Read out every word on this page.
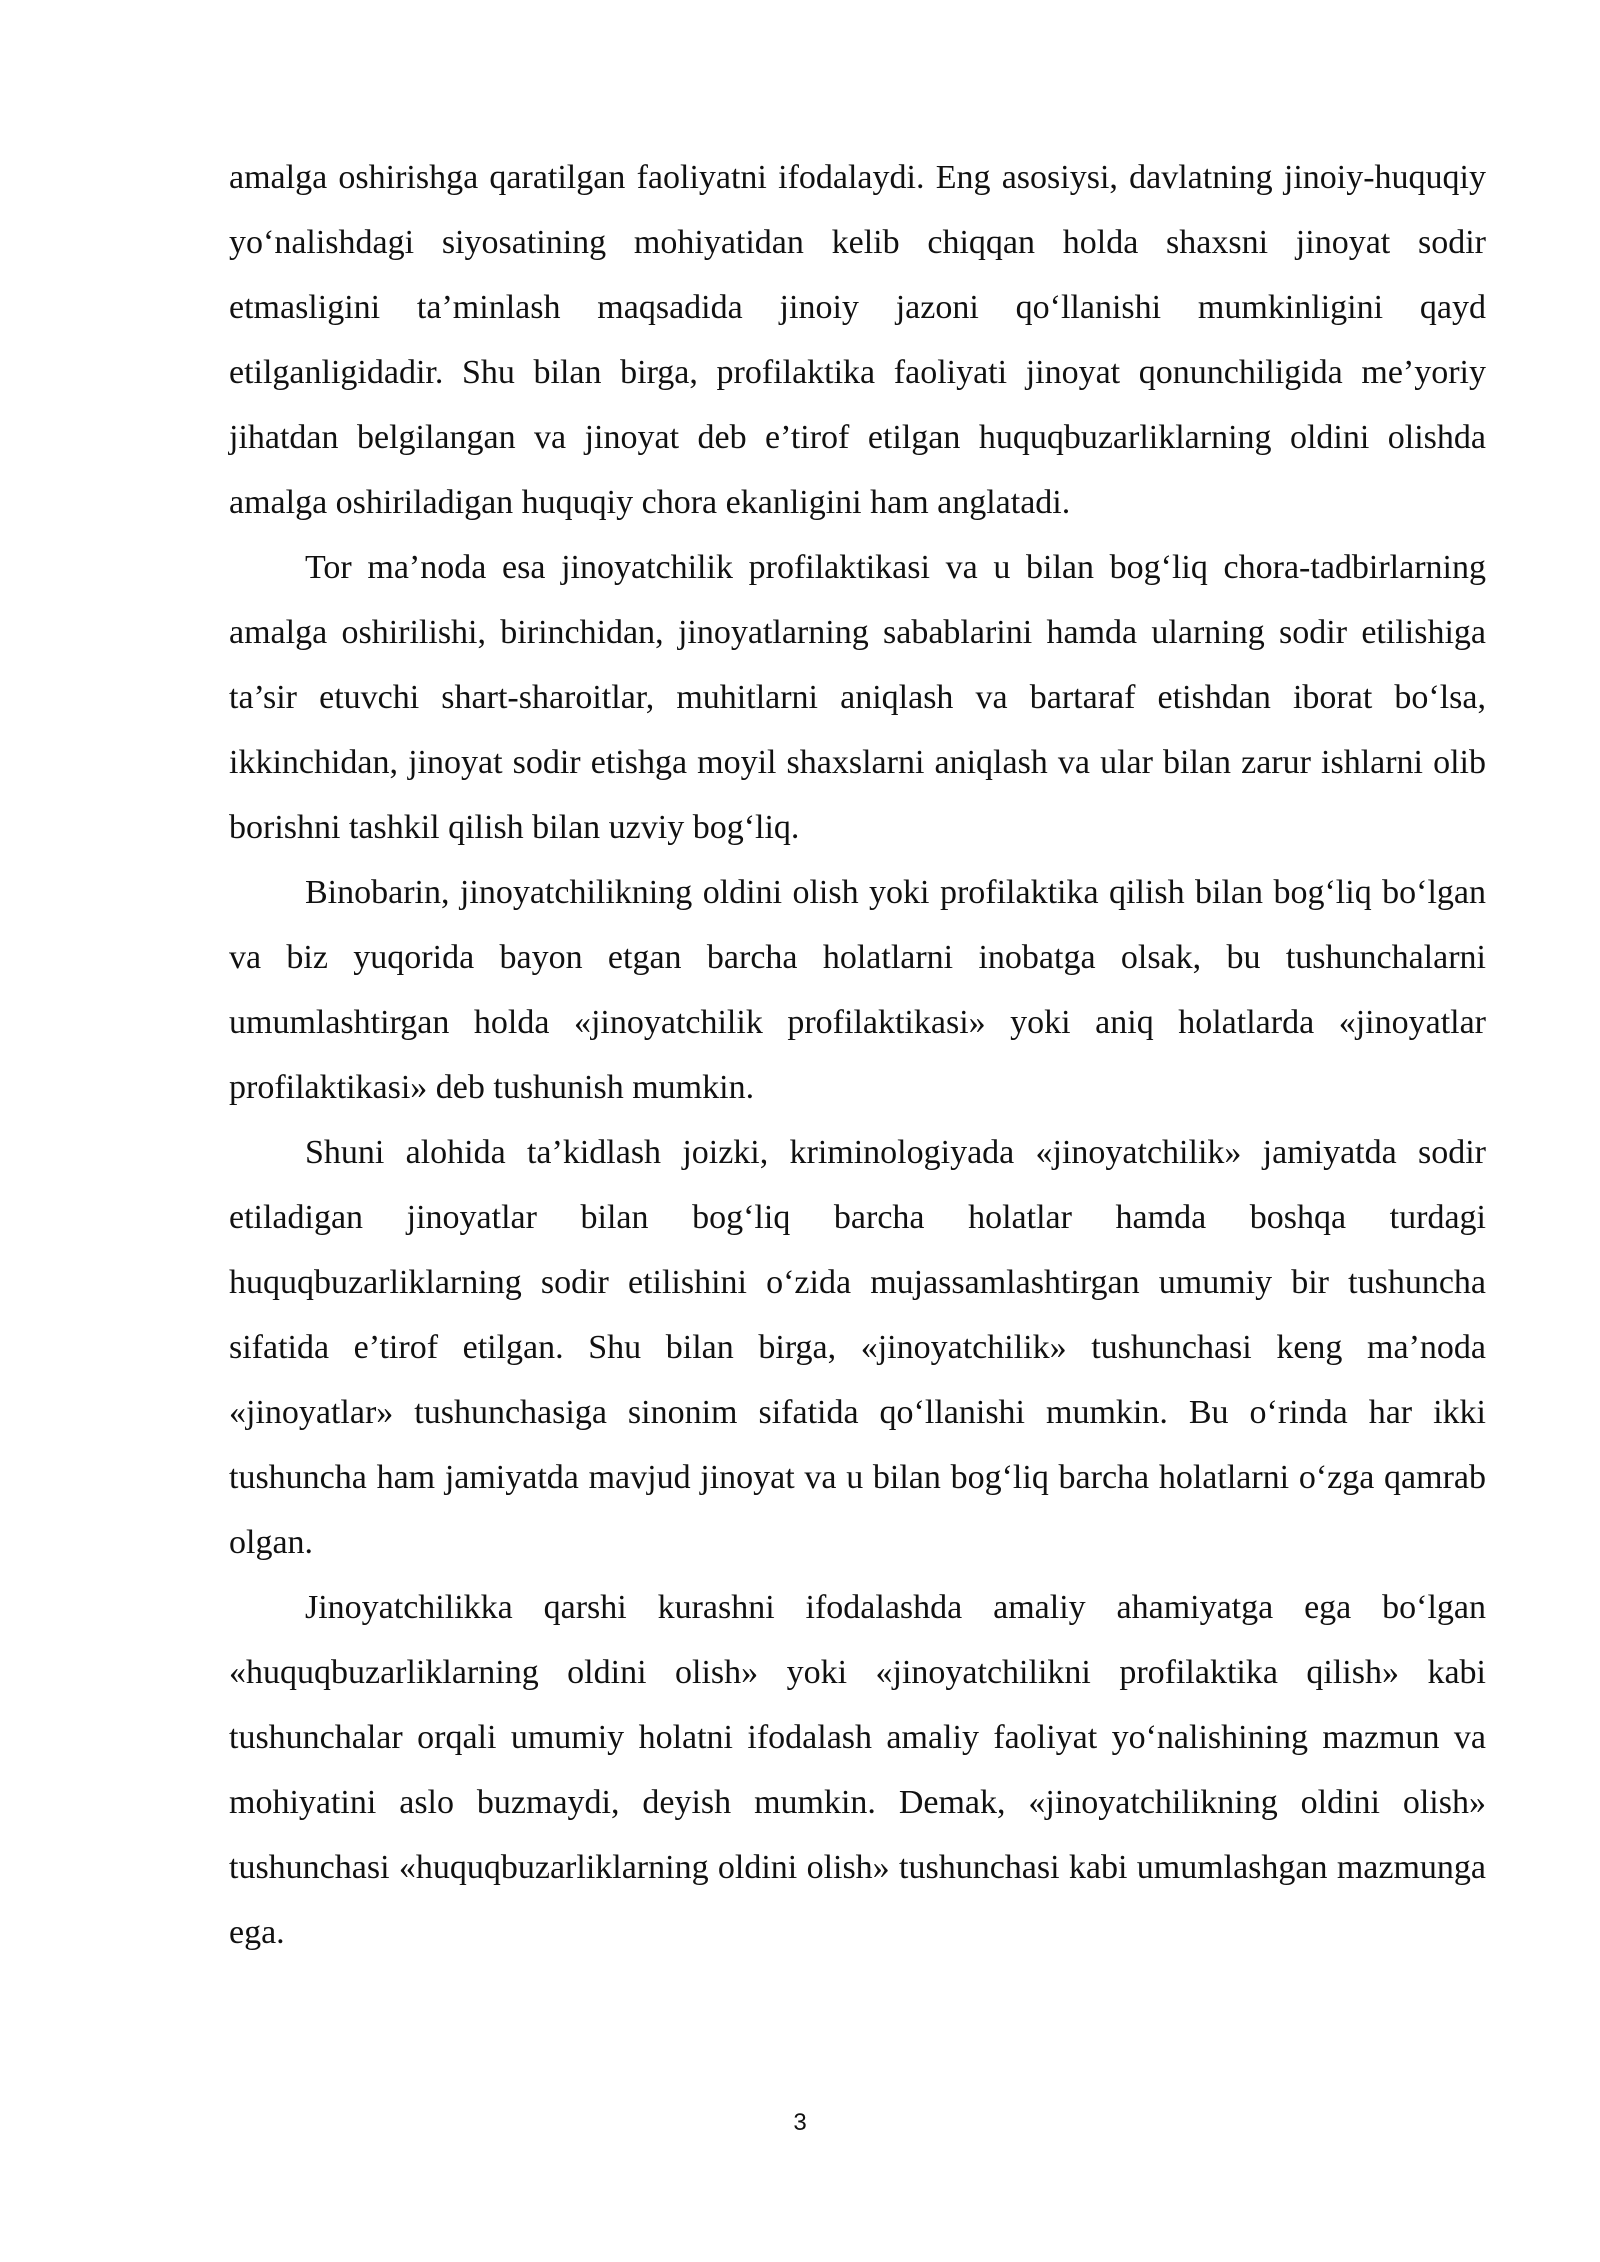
amalga oshirishga qaratilgan faoliyatni ifodalaydi. Eng asosiysi, davlatning jinoiy-huquqiy yo‘nalishdagi siyosatining mohiyatidan kelib chiqqan holda shaxsni jinoyat sodir etmasligini ta’minlash maqsadida jinoiy jazoni qo‘llanishi mumkinligini qayd etilganligidadir. Shu bilan birga, profilaktika faoliyati jinoyat qonunchiligida me’yoriy jihatdan belgilangan va jinoyat deb e’tirof etilgan huquqbuzarliklarning oldini olishda amalga oshiriladigan huquqiy chora ekanligini ham anglatadi.

Tor ma’noda esa jinoyatchilik profilaktikasi va u bilan bog‘liq chora-tadbirlarning amalga oshirilishi, birinchidan, jinoyatlarning sabablarini hamda ularning sodir etilishiga ta’sir etuvchi shart-sharoitlar, muhitlarni aniqlash va bartaraf etishdan iborat bo‘lsa, ikkinchidan, jinoyat sodir etishga moyil shaxslarni aniqlash va ular bilan zarur ishlarni olib borishni tashkil qilish bilan uzviy bog‘liq.

Binobarin, jinoyatchilikning oldini olish yoki profilaktika qilish bilan bog‘liq bo‘lgan va biz yuqorida bayon etgan barcha holatlarni inobatga olsak, bu tushunchalarni umumlashtirgan holda «jinoyatchilik profilaktikasi» yoki aniq holatlarda «jinoyatlar profilaktikasi» deb tushunish mumkin.

Shuni alohida ta’kidlash joizki, kriminologiyada «jinoyatchilik» jamiyatda sodir etiladigan jinoyatlar bilan bog‘liq barcha holatlar hamda boshqa turdagi huquqbuzarliklarning sodir etilishini o‘zida mujassamlashtirgan umumiy bir tushuncha sifatida e’tirof etilgan. Shu bilan birga, «jinoyatchilik» tushunchasi keng ma’noda «jinoyatlar» tushunchasiga sinonim sifatida qo‘llanishi mumkin. Bu o‘rinda har ikki tushuncha ham jamiyatda mavjud jinoyat va u bilan bog‘liq barcha holatlarni o‘zga qamrab olgan.

Jinoyatchilikka qarshi kurashni ifodalashda amaliy ahamiyatga ega bo‘lgan «huquqbuzarliklarning oldini olish» yoki «jinoyatchilikni profilaktika qilish» kabi tushunchalar orqali umumiy holatni ifodalash amaliy faoliyat yo‘nalishining mazmun va mohiyatini aslo buzmaydi, deyish mumkin. Demak, «jinoyatchilikning oldini olish» tushunchasi «huquqbuzarliklarning oldini olish» tushunchasi kabi umumlashgan mazmunga ega.

3
